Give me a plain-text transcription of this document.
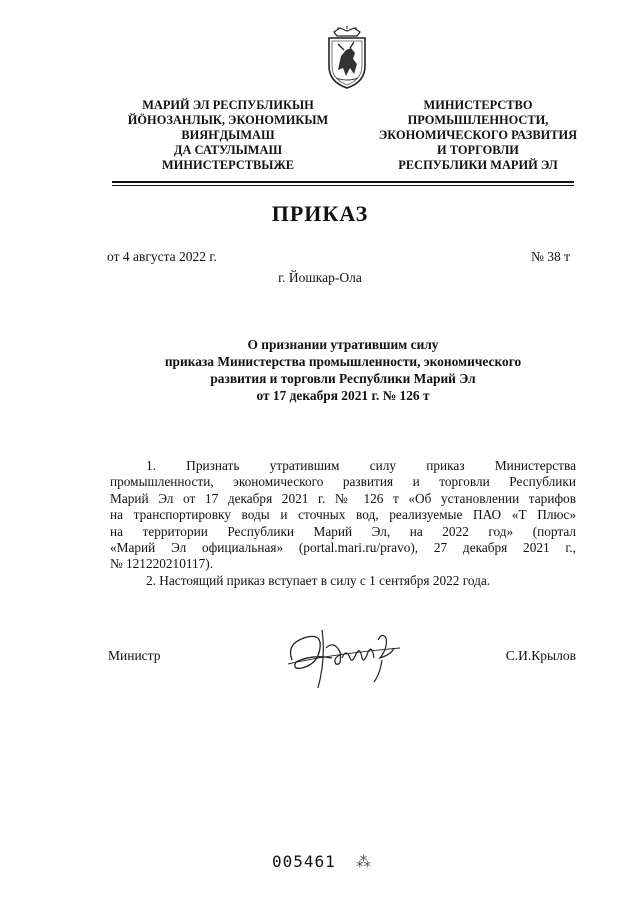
МАРИЙ ЭЛ РЕСПУБЛИКЫН
ЙӦНОЗАНЛЫК, ЭКОНОМИКЫМ
ВИЯҤДЫМАШ
ДА САТУЛЫМАШ
МИНИСТЕРСТВЫЖЕ
МИНИСТЕРСТВО
ПРОМЫШЛЕННОСТИ,
ЭКОНОМИЧЕСКОГО РАЗВИТИЯ
И ТОРГОВЛИ
РЕСПУБЛИКИ МАРИЙ ЭЛ
ПРИКАЗ
от 4 августа 2022 г.	№ 38 т
г. Йошкар-Ола
О признании утратившим силу
приказа Министерства промышленности, экономического
развития и торговли Республики Марий Эл
от 17 декабря 2021 г. № 126 т
1. Признать утратившим силу приказ Министерства
промышленности, экономического развития и торговли Республики
Марий Эл от 17 декабря 2021 г. № 126 т «Об установлении тарифов
на транспортировку воды и сточных вод, реализуемые ПАО «Т Плюс»
на территории Республики Марий Эл, на 2022 год» (портал
«Марий Эл официальная» (portal.mari.ru/pravo), 27 декабря 2021 г.,
№ 121220210117).
2. Настоящий приказ вступает в силу с 1 сентября 2022 года.
Министр	С.И.Крылов
005461 ⁂
